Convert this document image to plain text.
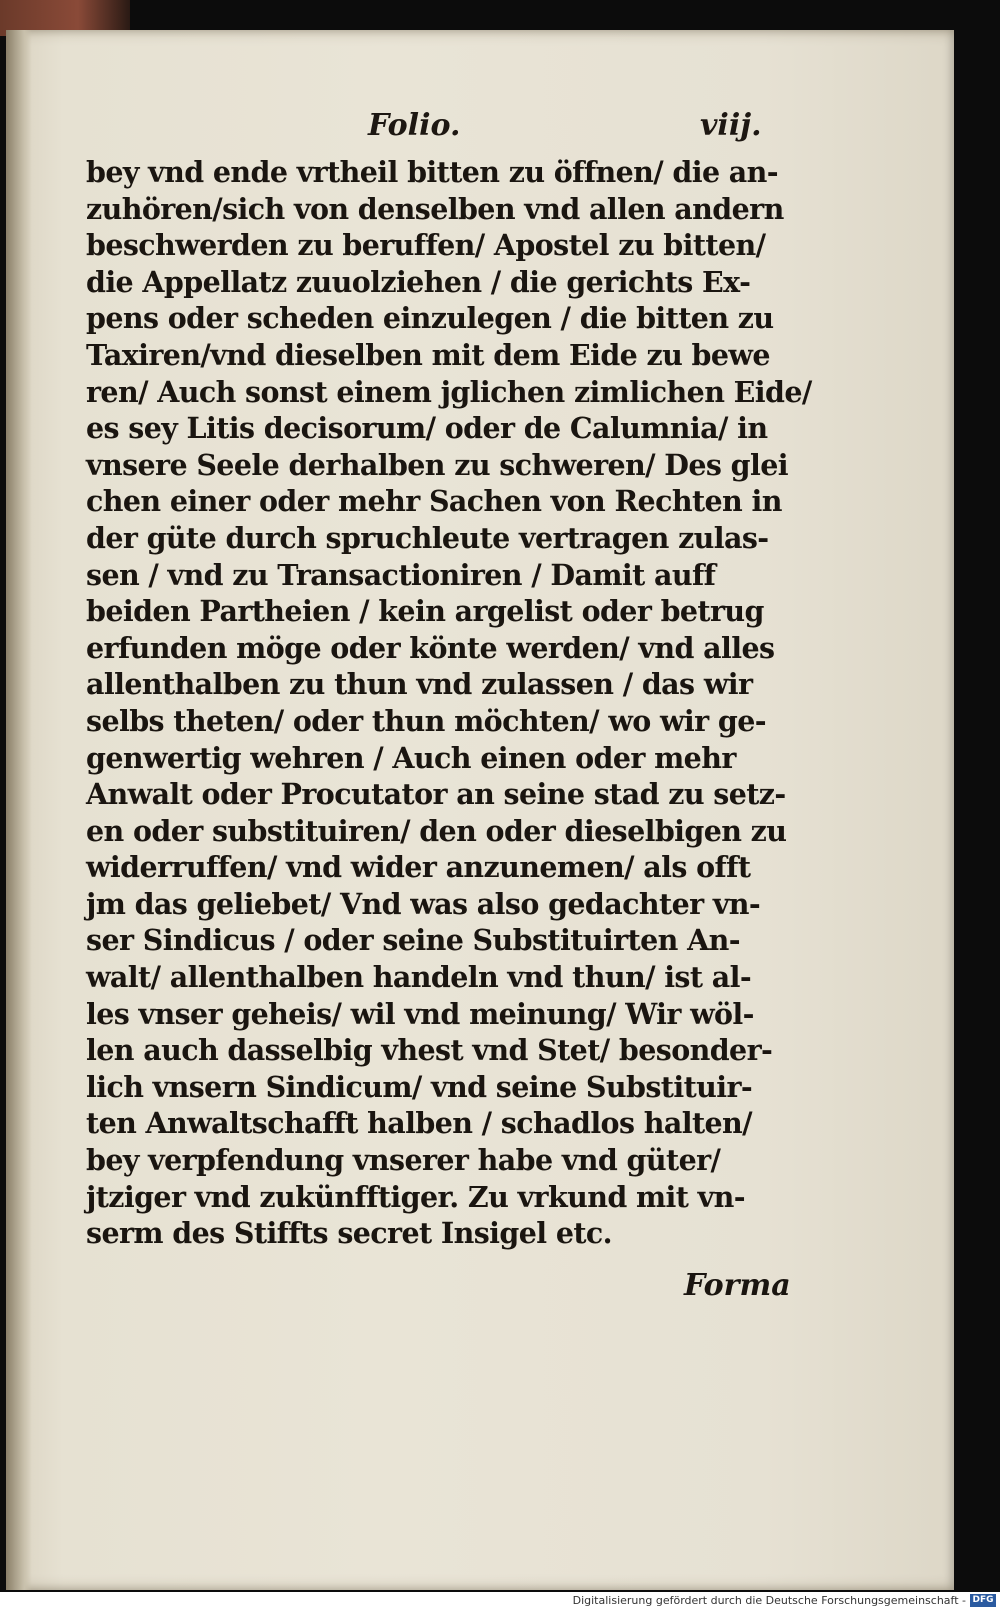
Folio.	viij.
bey vnd ende vrtheil bitten zu öffnen/ die an-
zuhören/sich von denselben vnd allen andern
beschwerden zu beruffen/ Apostel zu bitten/
die Appellatz zuuolziehen / die gerichts Ex-
pens oder scheden einzulegen / die bitten zu
Taxiren/vnd dieselben mit dem Eide zu bewe
ren/ Auch sonst einem jglichen zimlichen Eide/
es sey Litis decisorum/ oder de Calumnia/ in
vnsere Seele derhalben zu schweren/ Des glei
chen einer oder mehr Sachen von Rechten in
der güte durch spruchleute vertragen zulas-
sen / vnd zu Transactioniren / Damit auff
beiden Partheien / kein argelist oder betrug
erfunden möge oder könte werden/ vnd alles
allenthalben zu thun vnd zulassen / das wir
selbs theten/ oder thun möchten/ wo wir ge-
genwertig wehren / Auch einen oder mehr
Anwalt oder Procutator an seine stad zu setz-
en oder substituiren/ den oder dieselbigen zu
widerruffen/ vnd wider anzunemen/ als offt
jm das geliebet/ Vnd was also gedachter vn-
ser Sindicus / oder seine Substituirten An-
walt/ allenthalben handeln vnd thun/ ist al-
les vnser geheis/ wil vnd meinung/ Wir wöl-
len auch dasselbig vhest vnd Stet/ besonder-
lich vnsern Sindicum/ vnd seine Substituir-
ten Anwaltschafft halben / schadlos halten/
bey verpfendung vnserer habe vnd güter/
jtziger vnd zukünfftiger. Zu vrkund mit vn-
serm des Stiffts secret Insigel etc.
Forma
Digitalisierung gefördert durch die Deutsche Forschungsgemeinschaft - DFG
